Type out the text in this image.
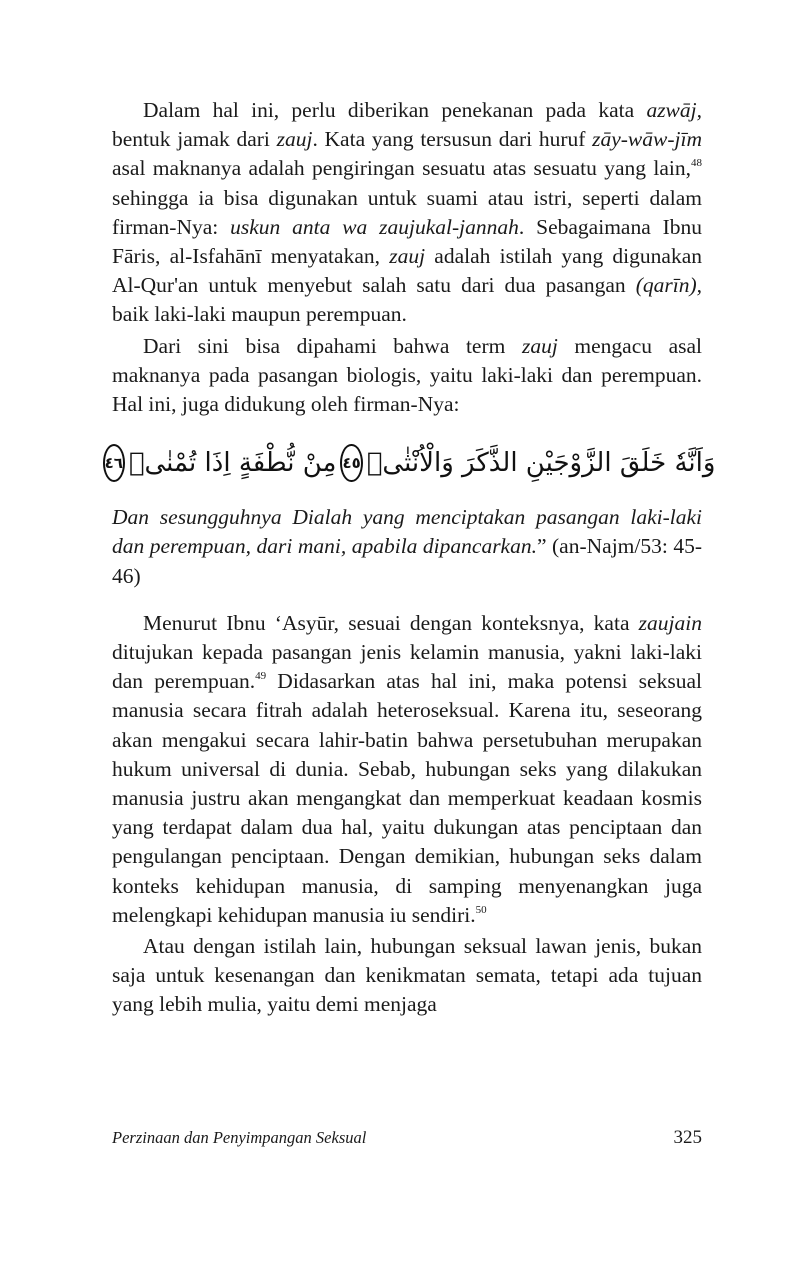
Dalam hal ini, perlu diberikan penekanan pada kata azwāj, bentuk jamak dari zauj. Kata yang tersusun dari huruf zāy-wāw-jīm asal maknanya adalah pengiringan sesuatu atas sesuatu yang lain,$^{48}$ sehingga ia bisa digunakan untuk suami atau istri, seperti dalam firman-Nya: uskun anta wa zaujukal-jannah. Sebagaimana Ibnu Fāris, al-Isfahānī menyatakan, zauj adalah istilah yang digunakan Al-Qur'an untuk menyebut salah satu dari dua pasangan (qarīn), baik laki-laki maupun perempuan.

Dari sini bisa dipahami bahwa term zauj mengacu asal maknanya pada pasangan biologis, yaitu laki-laki dan perempuan. Hal ini, juga didukung oleh firman-Nya:

وَاَنَّهٗ خَلَقَ الزَّوْجَيْنِ الذَّكَرَ وَالْاُنْثٰىۙ
٤٥
مِنْ نُّطْفَةٍ اِذَا تُمْنٰىۖ
٤٦

Dan sesungguhnya Dialah yang menciptakan pasangan laki-laki dan perempuan, dari mani, apabila dipancarkan.” (an-Najm/53: 45-46)

Menurut Ibnu ‘Asyūr, sesuai dengan konteksnya, kata zaujain ditujukan kepada pasangan jenis kelamin manusia, yakni laki-laki dan perempuan.$^{49}$ Didasarkan atas hal ini, maka potensi seksual manusia secara fitrah adalah heteroseksual. Karena itu, seseorang akan mengakui secara lahir-batin bahwa persetubuhan merupakan hukum universal di dunia. Sebab, hubungan seks yang dilakukan manusia justru akan mengangkat dan memperkuat keadaan kosmis yang terdapat dalam dua hal, yaitu dukungan atas penciptaan dan pengulangan penciptaan. Dengan demikian, hubungan seks dalam konteks kehidupan manusia, di samping menyenangkan juga melengkapi kehidupan manusia iu sendiri.$^{50}$

Atau dengan istilah lain, hubungan seksual lawan jenis, bukan saja untuk kesenangan dan kenikmatan semata, tetapi ada tujuan yang lebih mulia, yaitu demi menjaga

Perzinaan dan Penyimpangan Seksual	325
